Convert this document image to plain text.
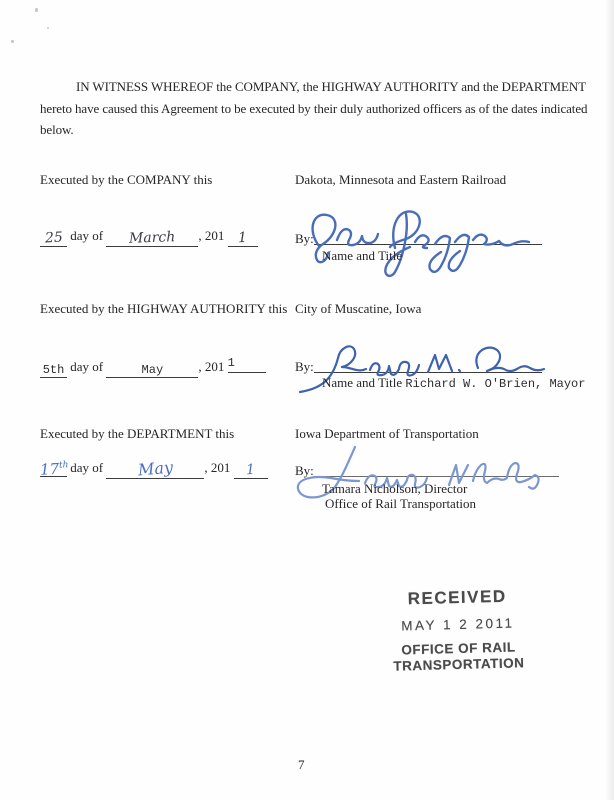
IN WITNESS WHEREOF the COMPANY, the HIGHWAY AUTHORITY and the DEPARTMENT
hereto have caused this Agreement to be executed by their duly authorized officers as of the dates indicated
below.
Executed by the COMPANY this	Dakota, Minnesota and Eastern Railroad
25 day of March , 201 1	By:
Name and Title
Executed by the HIGHWAY AUTHORITY this City of Muscatine, Iowa
5th day of	May	, 201 1	By:
Name and Title Richard W. O'Brien, Mayor
Executed by the DEPARTMENT this	Iowa Department of Transportation
17th day of May , 201 1	By:
Tamara Nicholson, Director
Office of Rail Transportation
RECEIVED
MAY 1 2 2011
OFFICE OF RAIL
TRANSPORTATION
7
